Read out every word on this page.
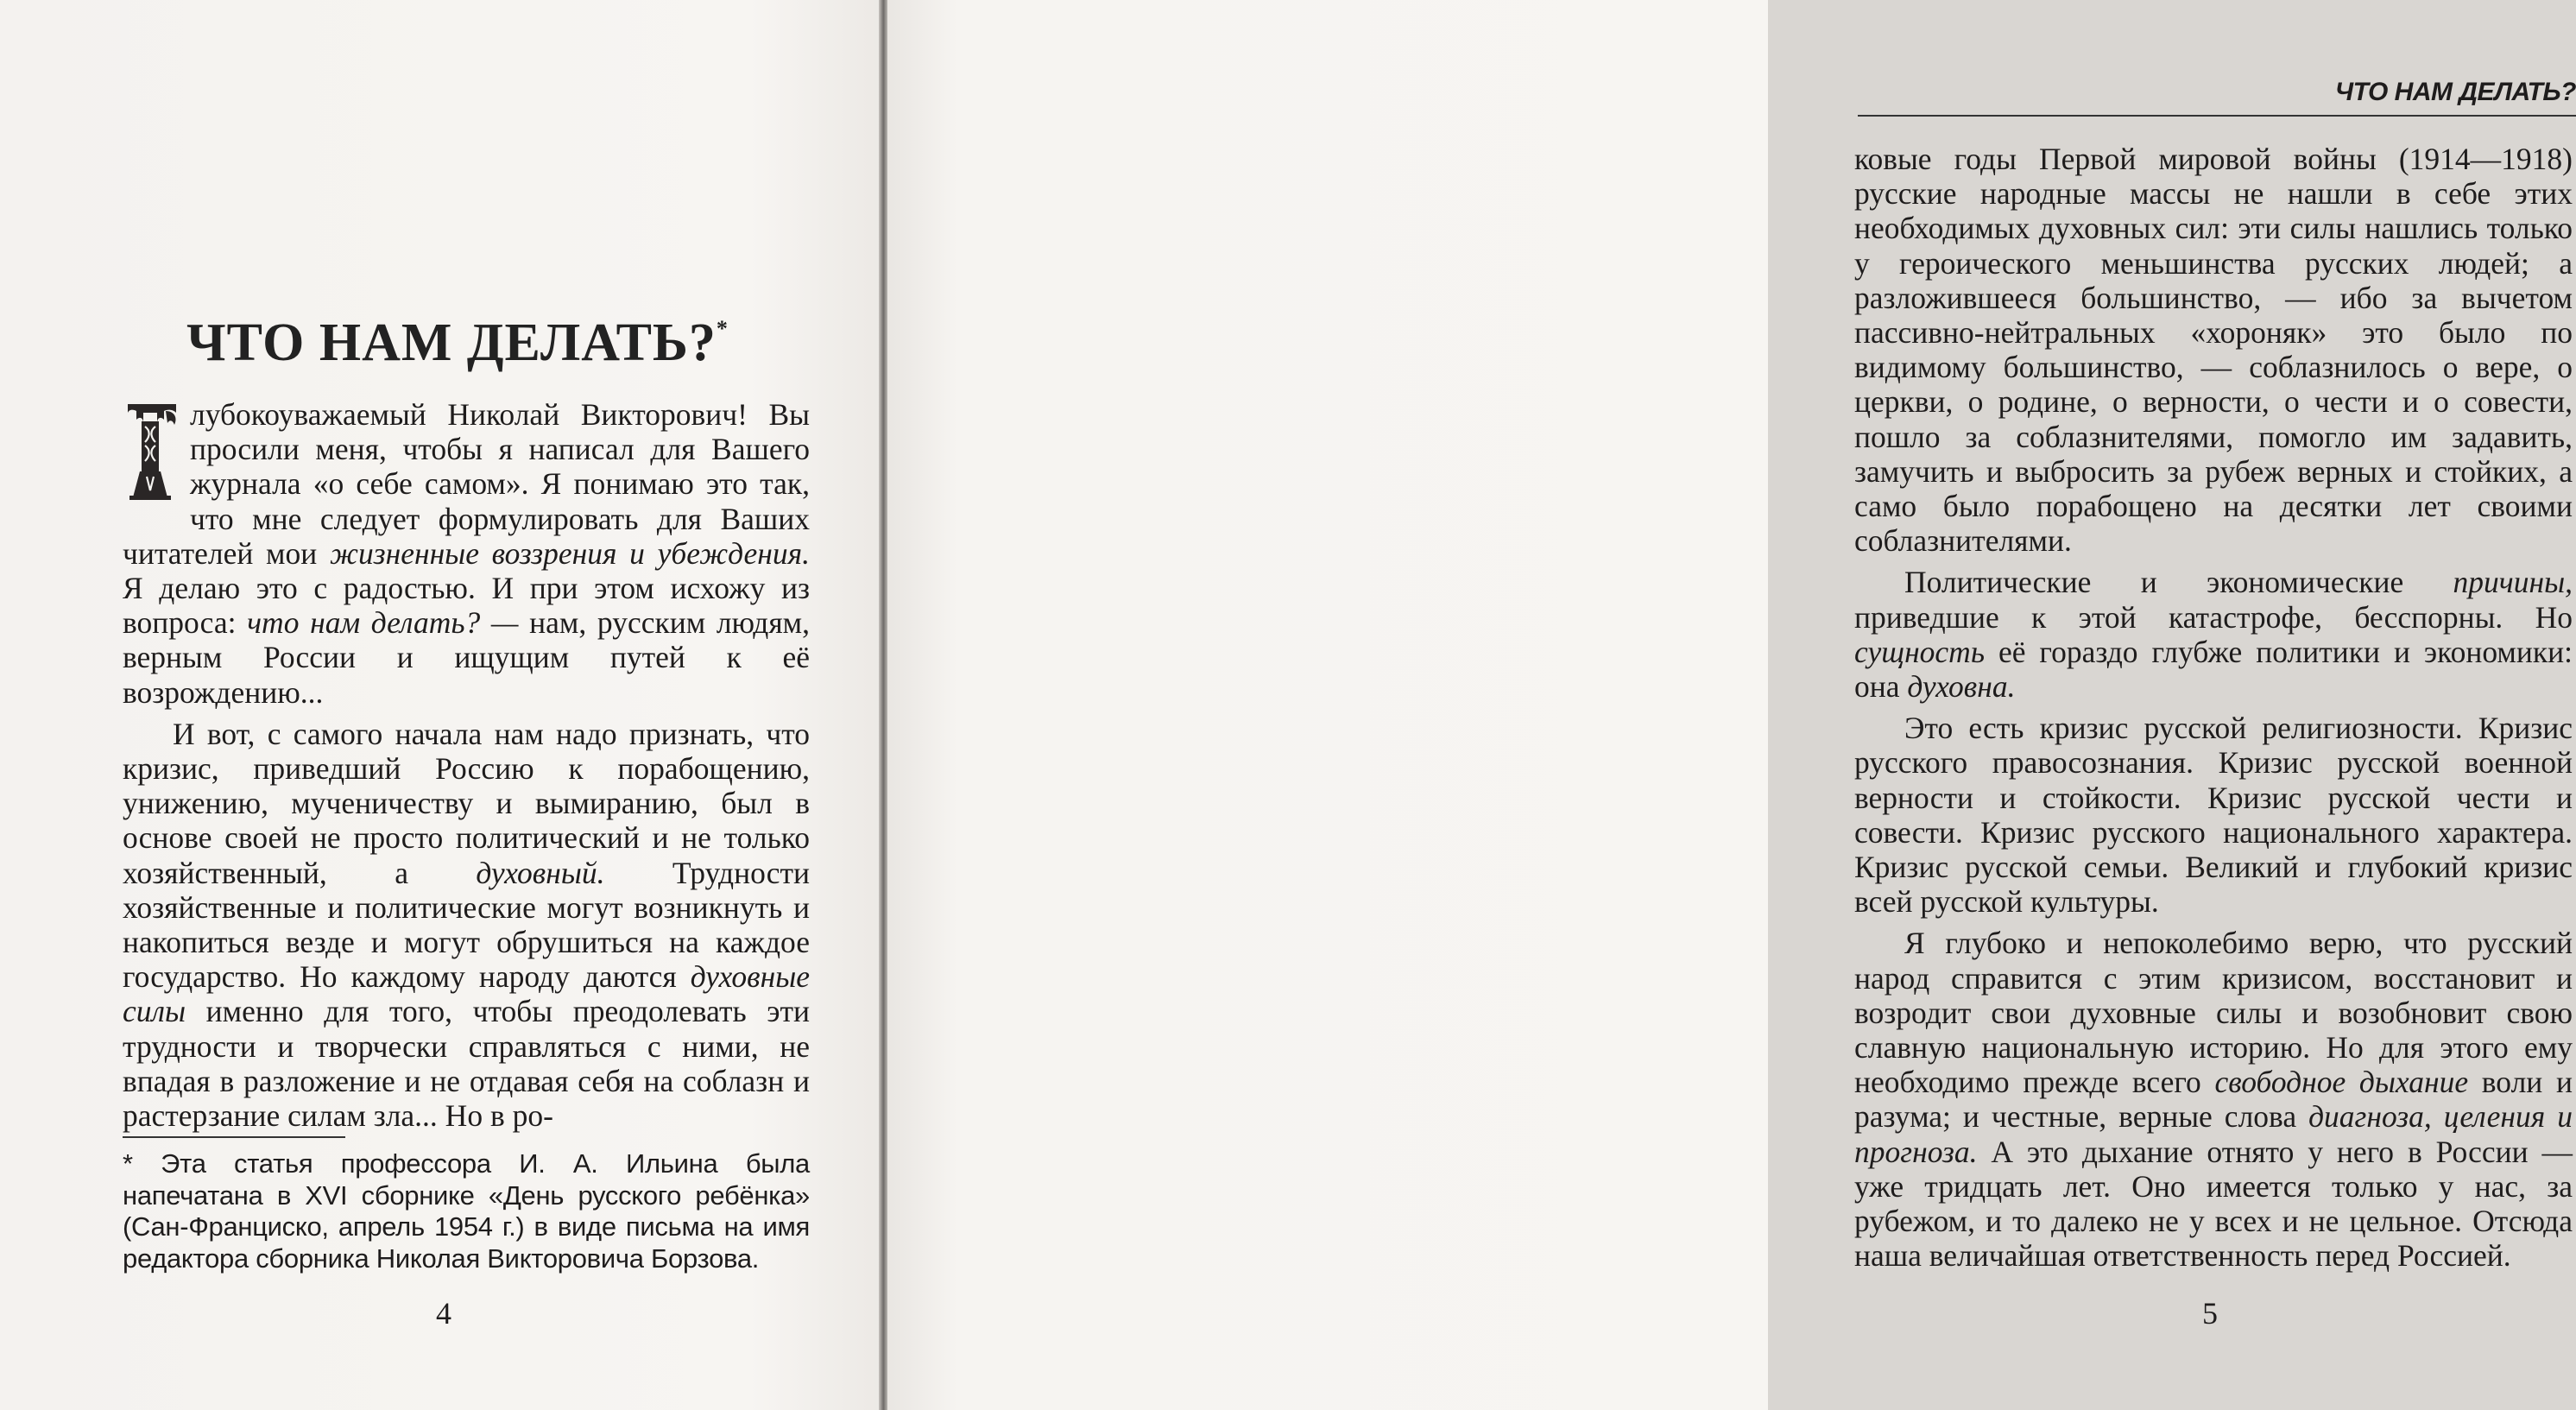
ЧТО НАМ ДЕЛАТЬ?*

лубокоуважаемый Николай Викторович! Вы просили меня, чтобы я написал для Вашего журнала «о себе самом». Я понимаю это так, что мне следует формулировать для Ваших читателей мои жизненные воззрения и убеждения. Я делаю это с радостью. И при этом исхожу из вопроса: что нам делать? — нам, русским людям, верным России и ищущим путей к её возрождению...

И вот, с самого начала нам надо признать, что кризис, приведший Россию к порабощению, унижению, мученичеству и вымиранию, был в основе своей не просто политический и не только хозяйственный, а духовный. Трудности хозяйственные и политические могут возникнуть и накопиться везде и могут обрушиться на каждое государство. Но каждому народу даются духовные силы именно для того, чтобы преодолевать эти трудности и творчески справляться с ними, не впадая в разложение и не отдавая себя на соблазн и растерзание силам зла... Но в ро-

* Эта статья профессора И. А. Ильина была напечатана в XVI сборнике «День русского ребёнка» (Сан-Франциско, апрель 1954 г.) в виде письма на имя редактора сборника Николая Викторовича Борзова.

4
ЧТО НАМ ДЕЛАТЬ?

ковые годы Первой мировой войны (1914—1918) русские народные массы не нашли в себе этих необходимых духовных сил: эти силы нашлись только у героического меньшинства русских людей; а разложившееся большинство, — ибо за вычетом пассивно-нейтральных «хороняк» это было по видимому большинство, — соблазнилось о вере, о церкви, о родине, о верности, о чести и о совести, пошло за соблазнителями, помогло им задавить, замучить и выбросить за рубеж верных и стойких, а само было порабощено на десятки лет своими соблазнителями.

Политические и экономические причины, приведшие к этой катастрофе, бесспорны. Но сущность её гораздо глубже политики и экономики: она духовна.

Это есть кризис русской религиозности. Кризис русского правосознания. Кризис русской военной верности и стойкости. Кризис русской чести и совести. Кризис русского национального характера. Кризис русской семьи. Великий и глубокий кризис всей русской культуры.

Я глубоко и непоколебимо верю, что русский народ справится с этим кризисом, восстановит и возродит свои духовные силы и возобновит свою славную национальную историю. Но для этого ему необходимо прежде всего свободное дыхание воли и разума; и честные, верные слова диагноза, целения и прогноза. А это дыхание отнято у него в России — уже тридцать лет. Оно имеется только у нас, за рубежом, и то далеко не у всех и не цельное. Отсюда наша величайшая ответственность перед Россией.

5
